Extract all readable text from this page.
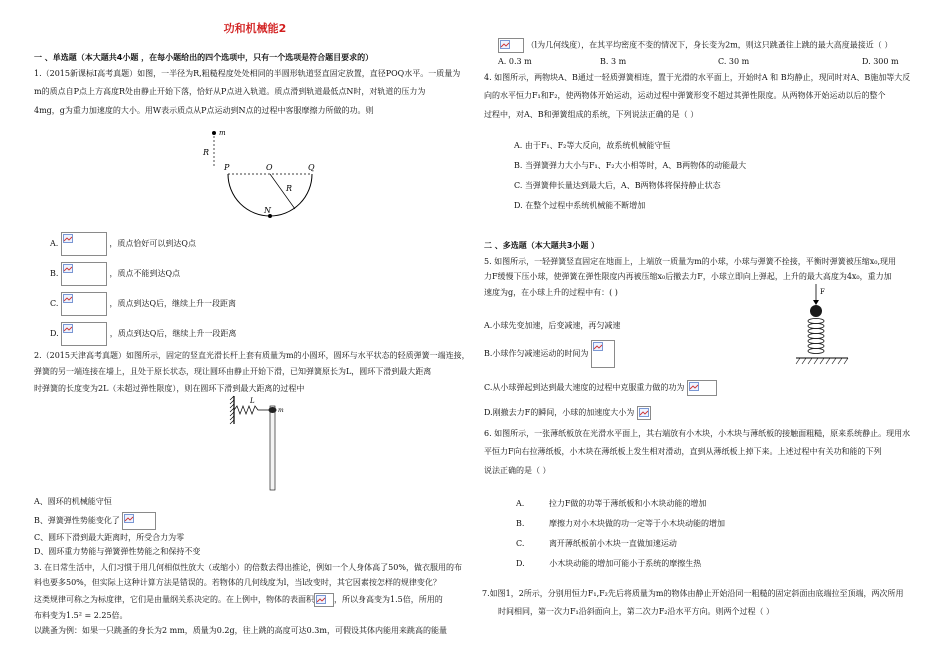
功和机械能2
一 、单选题（本大题共4小题 ，在每小题给出的四个选项中，只有一个选项是符合题目要求的）

1.（2015新课标I高考真题）如图，一半径为R,粗糙程度处处相同的半圆形轨道竖直固定放置，直径POQ水平。一质量为

m的质点自P点上方高度R处由静止开始下落，恰好从P点进入轨道。质点滑到轨道最低点N时，对轨道的压力为

4mg，g为重力加速度的大小。用W表示质点从P点运动到N点的过程中客服摩擦力所做的功。则

m
R
P	O	Q
R
N
A.	，质点恰好可以到达Q点
B.	，质点不能到达Q点
C.	，质点到达Q后，继续上升一段距离
D.	，质点到达Q后，继续上升一段距离

2.（2015天津高考真题）如图所示，固定的竖直光滑长杆上套有质量为m的小圆环，圆环与水平状态的轻质弹簧一端连接，

弹簧的另一端连接在墙上，且处于原长状态，现让圆环由静止开始下滑，已知弹簧原长为L，圆环下滑到最大距离

时弹簧的长度变为2L（未超过弹性限度），则在圆环下滑到最大距离的过程中

L
m
A、圆环的机械能守恒
B、弹簧弹性势能变化了
C、圆环下滑到最大距离时，所受合力为零
D、圆环重力势能与弹簧弹性势能之和保持不变

3. 在日常生活中，人们习惯于用几何相似性放大（或缩小）的倍数去得出推论，例如一个人身体高了50%，做衣服用的布

料也要多50%，但实际上这种计算方法是错误的。若物体的几何线度为l，当l改变时，其它因素按怎样的规律变化？

这类规律可称之为标度律，它们是由量纲关系决定的。在上例中，物体的表面积	，所以身高变为1.5倍，所用的

布料变为1.5² = 2.25倍。

以跳蚤为例：如果一只跳蚤的身长为2 mm，质量为0.2g，往上跳的高度可达0.3m，可假设其体内能用来跳高的能量

（l为几何线度），在其平均密度不变的情况下，身长变为2m，则这只跳蚤往上跳的最大高度最接近（ ）
A. 0.3 m	B. 3 m	C. 30 m	D. 300 m

4. 如图所示，两物块A、B通过一轻质弹簧相连，置于光滑的水平面上，开始时A 和 B均静止，现同时对A、B施加等大反

向的水平恒力F₁和F₂，使两物体开始运动，运动过程中弹簧形变不超过其弹性限度。从两物体开始运动以后的整个

过程中，对A、B和弹簧组成的系统，下列说法正确的是（ ）

A. 由于F₁、F₂等大反向，故系统机械能守恒
B. 当弹簧弹力大小与F₁、F₂大小相等时，A、B两物体的动能最大
C. 当弹簧伸长量达到最大后，A、B两物体将保持静止状态
D. 在整个过程中系统机械能不断增加
二 、多选题（本大题共3小题 ）

5. 如图所示，一轻弹簧竖直固定在地面上，上端放一质量为m的小球，小球与弹簧不拴接，平衡时弹簧被压缩x₀,现用

力F缓慢下压小球，使弹簧在弹性限度内再被压缩x₀后撤去力F，小球立即向上弹起，上升的最大高度为4x₀，重力加

速度为g，在小球上升的过程中有：( )	F
A.小球先变加速，后变减速，再匀减速
B.小球作匀减速运动的时间为
C.从小球弹起到达到最大速度的过程中克服重力做的功为
D.刚撤去力F的瞬间，小球的加速度大小为

6. 如图所示，一张薄纸板放在光滑水平面上，其右端放有小木块，小木块与薄纸板的接触面粗糙，原来系统静止。现用水

平恒力F向右拉薄纸板，小木块在薄纸板上发生相对滑动，直到从薄纸板上掉下来。上述过程中有关功和能的下列

说法正确的是（ ）

A.	拉力F做的功等于薄纸板和小木块动能的增加
B.	摩擦力对小木块做的功一定等于小木块动能的增加
C.	离开薄纸板前小木块一直做加速运动
D.	小木块动能的增加可能小于系统的摩擦生热

7.如图1，2所示，分别用恒力F₁,F₂先后将质量为m的物体由静止开始沿同一粗糙的固定斜面由底端拉至顶端，两次所用

时间相同，第一次力F₁沿斜面向上，第二次力F₂沿水平方向。则两个过程（ ）
